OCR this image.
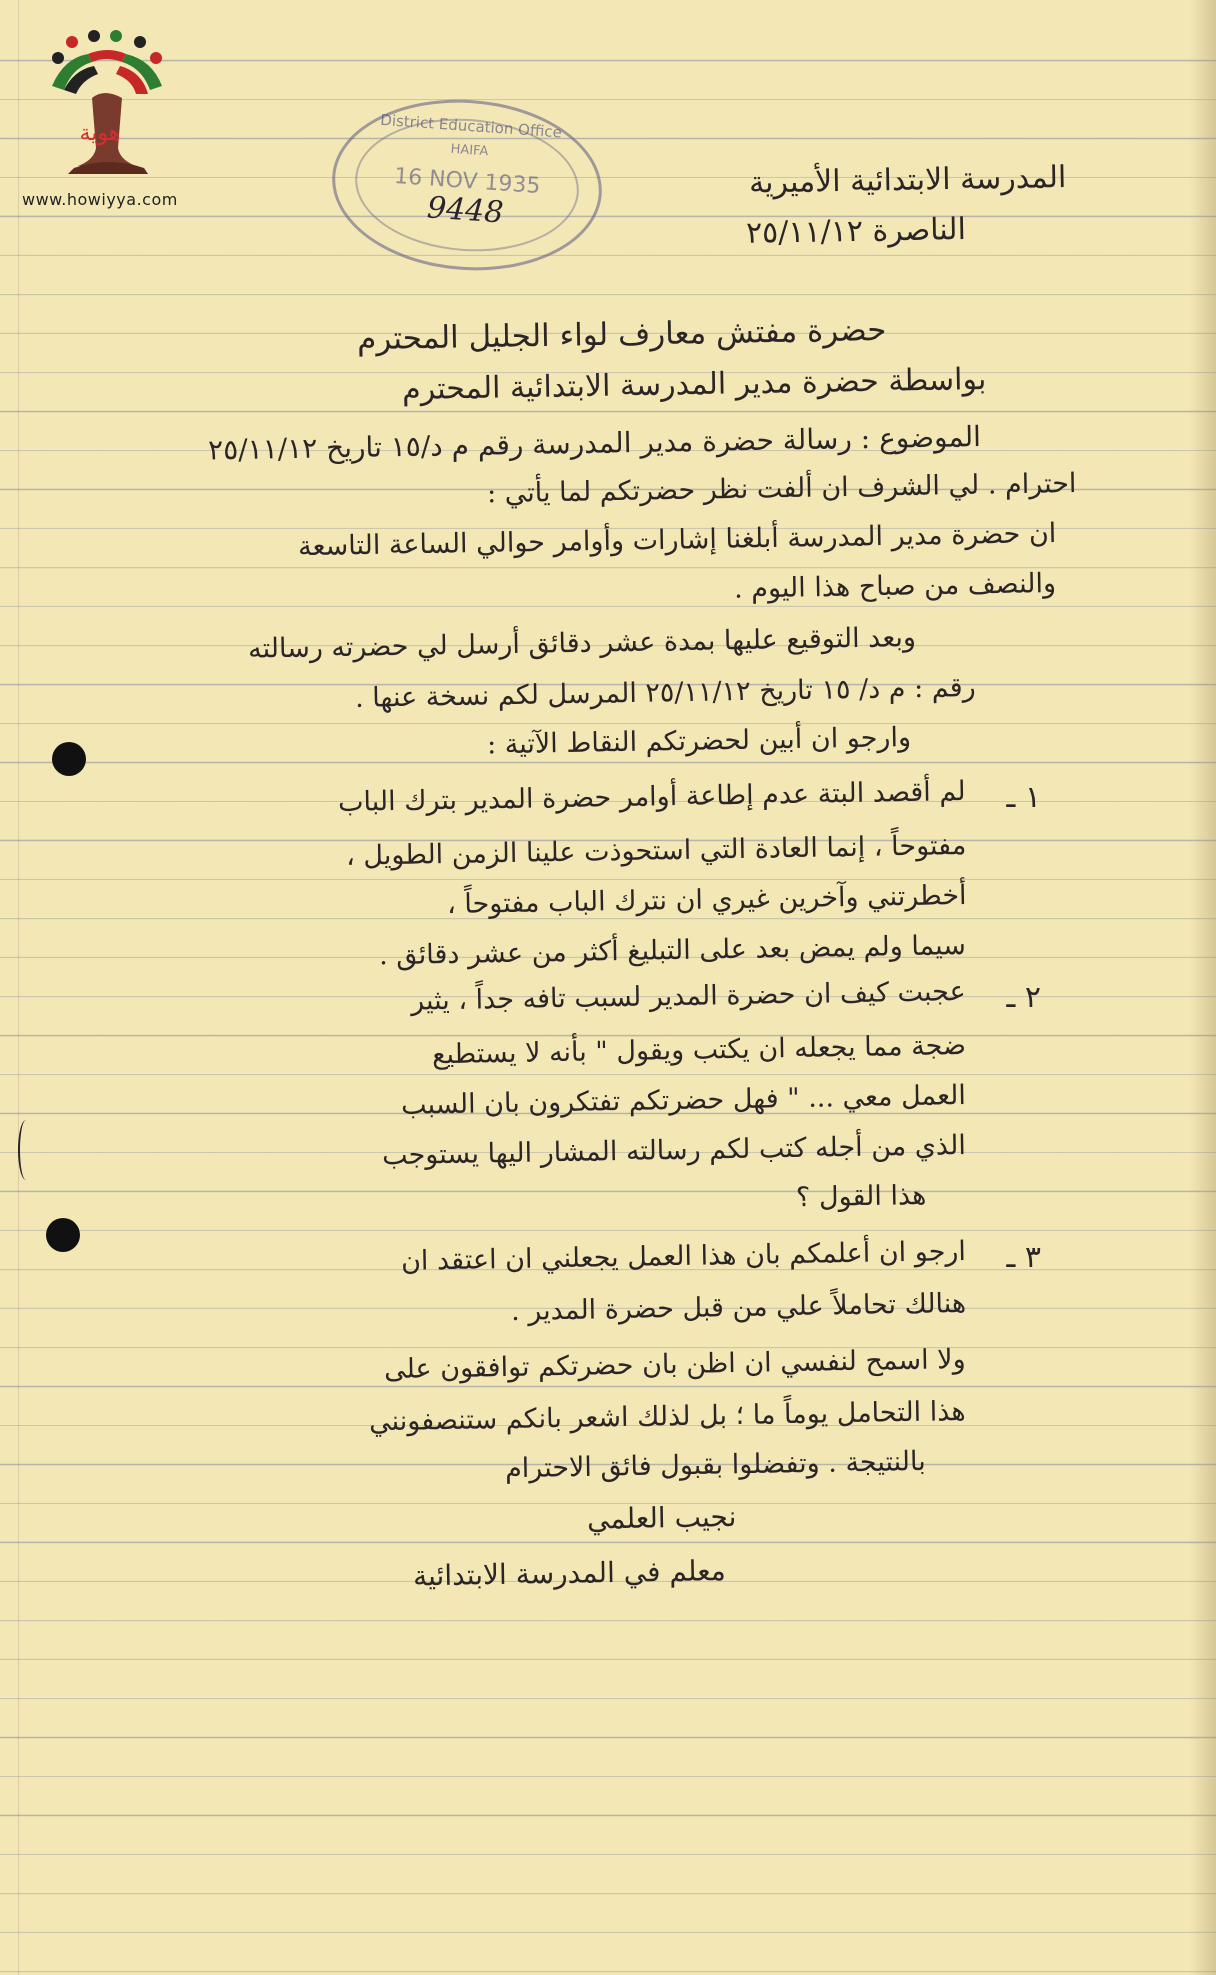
هوية
www.howiyya.com
District Education Office
HAIFA
16 NOV 1935
9448
المدرسة الابتدائية الأميرية
الناصرة ٢٥/١١/١٢
حضرة مفتش معارف لواء الجليل المحترم
بواسطة حضرة مدير المدرسة الابتدائية المحترم
الموضوع : رسالة حضرة مدير المدرسة رقم م د/١٥ تاريخ ٢٥/١١/١٢
احترام . لي الشرف ان ألفت نظر حضرتكم لما يأتي :
ان حضرة مدير المدرسة أبلغنا إشارات وأوامر حوالي الساعة التاسعة
والنصف من صباح هذا اليوم .
وبعد التوقيع عليها بمدة عشر دقائق أرسل لي حضرته رسالته
رقم : م د/ ١٥ تاريخ ٢٥/١١/١٢ المرسل لكم نسخة عنها .
وارجو ان أبين لحضرتكم النقاط الآتية :
١ ـ
لم أقصد البتة عدم إطاعة أوامر حضرة المدير بترك الباب
مفتوحاً ، إنما العادة التي استحوذت علينا الزمن الطويل ،
أخطرتني وآخرين غيري ان نترك الباب مفتوحاً ،
سيما ولم يمض بعد على التبليغ أكثر من عشر دقائق .
٢ ـ
عجبت كيف ان حضرة المدير لسبب تافه جداً ، يثير
ضجة مما يجعله ان يكتب ويقول " بأنه لا يستطيع
العمل معي ... " فهل حضرتكم تفتكرون بان السبب
الذي من أجله كتب لكم رسالته المشار اليها يستوجب
هذا القول ؟
٣ ـ
ارجو ان أعلمكم بان هذا العمل يجعلني ان اعتقد ان
هنالك تحاملاً علي من قبل حضرة المدير .
ولا اسمح لنفسي ان اظن بان حضرتكم توافقون على
هذا التحامل يوماً ما ؛ بل لذلك اشعر بانكم ستنصفونني
بالنتيجة . وتفضلوا بقبول فائق الاحترام
نجيب العلمي
معلم في المدرسة الابتدائية
